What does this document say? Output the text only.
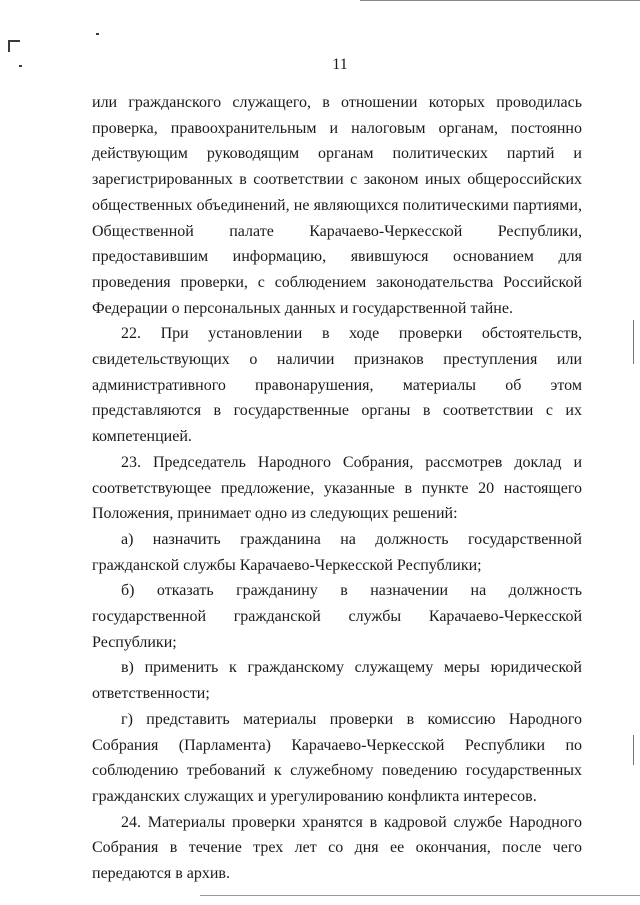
11

или гражданского служащего, в отношении которых проводилась проверка, правоохранительным и налоговым органам, постоянно действующим руководящим органам политических партий и зарегистрированных в соответствии с законом иных общероссийских общественных объединений, не являющихся политическими партиями, Общественной палате Карачаево-Черкесской Республики, предоставившим информацию, явившуюся основанием для проведения проверки, с соблюдением законодательства Российской Федерации о персональных данных и государственной тайне.

22. При установлении в ходе проверки обстоятельств, свидетельствующих о наличии признаков преступления или административного правонарушения, материалы об этом представляются в государственные органы в соответствии с их компетенцией.

23. Председатель Народного Собрания, рассмотрев доклад и соответствующее предложение, указанные в пункте 20 настоящего Положения, принимает одно из следующих решений:

а) назначить гражданина на должность государственной гражданской службы Карачаево-Черкесской Республики;

б) отказать гражданину в назначении на должность государственной гражданской службы Карачаево-Черкесской Республики;

в) применить к гражданскому служащему меры юридической ответственности;

г) представить материалы проверки в комиссию Народного Собрания (Парламента) Карачаево-Черкесской Республики по соблюдению требований к служебному поведению государственных гражданских служащих и урегулированию конфликта интересов.

24. Материалы проверки хранятся в кадровой службе Народного Собрания в течение трех лет со дня ее окончания, после чего передаются в архив.
